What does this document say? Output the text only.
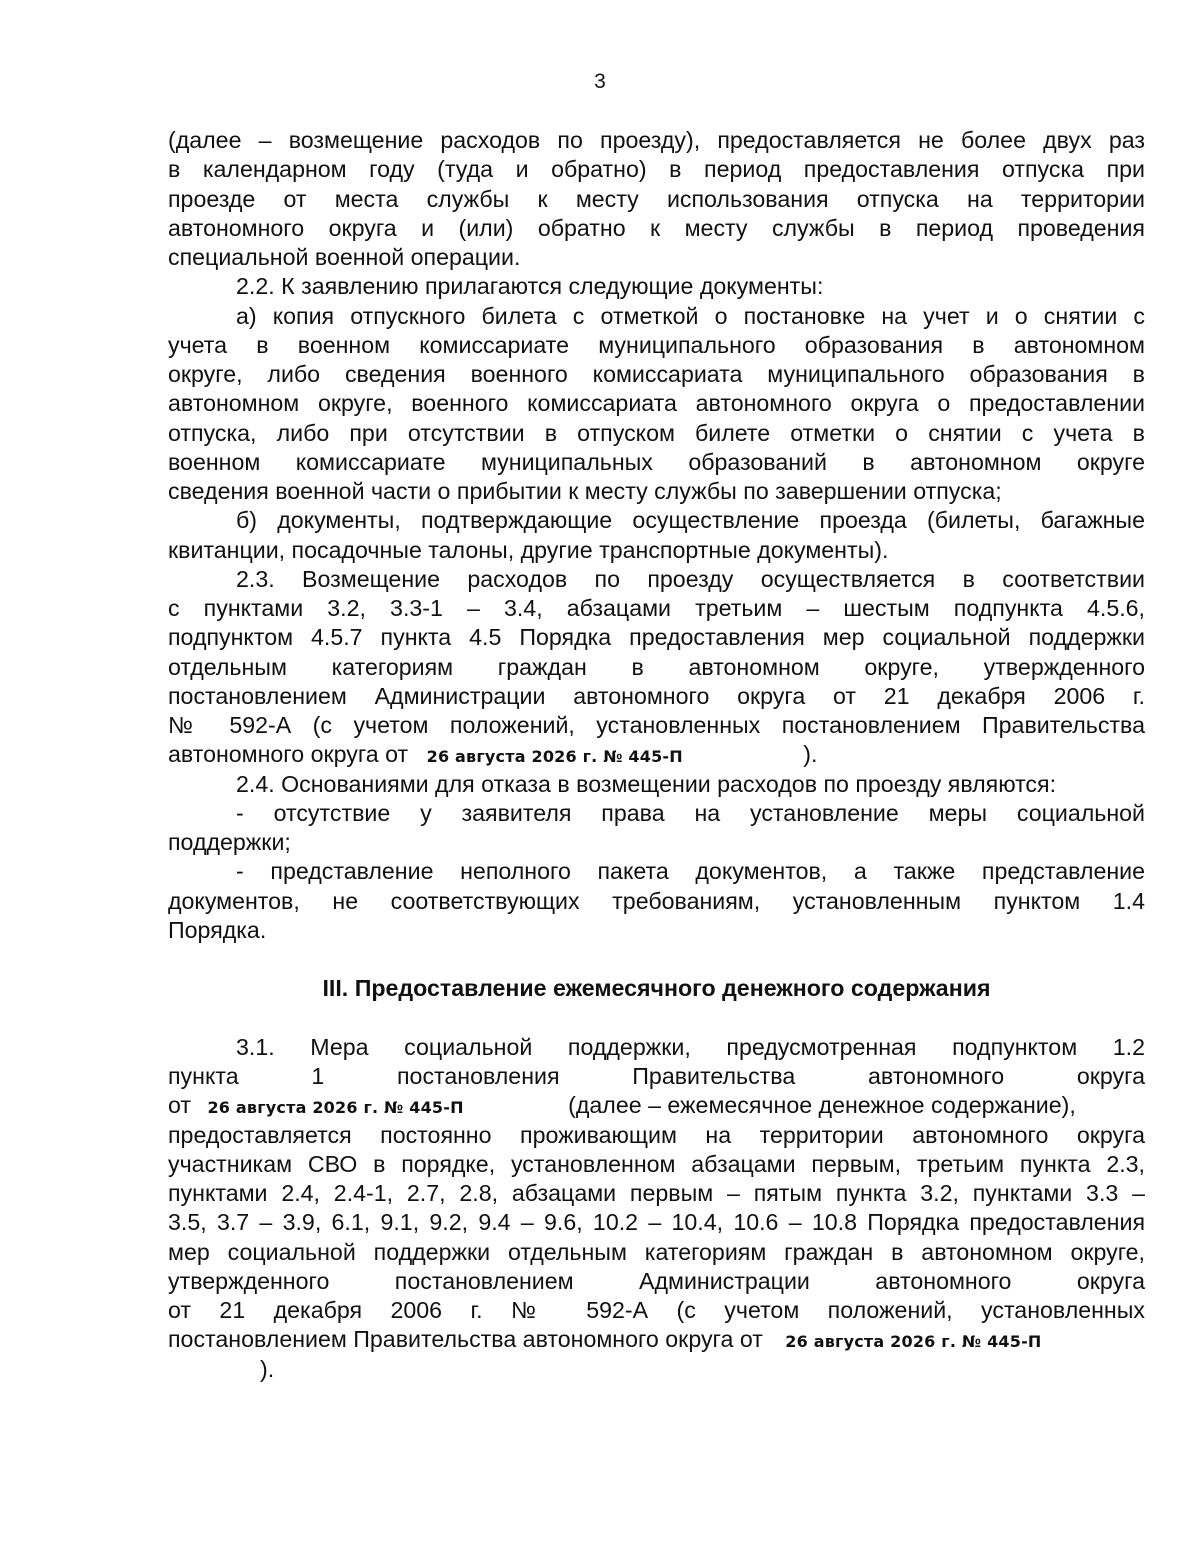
3
(далее – возмещение расходов по проезду), предоставляется не более двух раз
в календарном году (туда и обратно) в период предоставления отпуска при
проезде от места службы к месту использования отпуска на территории
автономного округа и (или) обратно к месту службы в период проведения
специальной военной операции.
2.2. К заявлению прилагаются следующие документы:
а) копия отпускного билета с отметкой о постановке на учет и о снятии с
учета в военном комиссариате муниципального образования в автономном
округе, либо сведения военного комиссариата муниципального образования в
автономном округе, военного комиссариата автономного округа о предоставлении
отпуска, либо при отсутствии в отпуском билете отметки о снятии с учета в
военном комиссариате муниципальных образований в автономном округе
сведения военной части о прибытии к месту службы по завершении отпуска;
б) документы, подтверждающие осуществление проезда (билеты, багажные
квитанции, посадочные талоны, другие транспортные документы).
2.3. Возмещение расходов по проезду осуществляется в соответствии
с пунктами 3.2, 3.3-1 – 3.4, абзацами третьим – шестым подпункта 4.5.6,
подпунктом 4.5.7 пункта 4.5 Порядка предоставления мер социальной поддержки
отдельным категориям граждан в автономном округе, утвержденного
постановлением Администрации автономного округа от 21 декабря 2006 г.
№ 592-А (с учетом положений, установленных постановлением Правительства
автономного округа от 26 августа 2026 г. № 445-П	).
2.4. Основаниями для отказа в возмещении расходов по проезду являются:
- отсутствие у заявителя права на установление меры социальной
поддержки;
- представление неполного пакета документов, а также представление
документов, не соответствующих требованиям, установленным пунктом 1.4
Порядка.
III. Предоставление ежемесячного денежного содержания
3.1. Мера социальной поддержки, предусмотренная подпунктом 1.2
пункта 1 постановления Правительства автономного округа
от 26 августа 2026 г. № 445-П	(далее – ежемесячное денежное содержание),
предоставляется постоянно проживающим на территории автономного округа
участникам СВО в порядке, установленном абзацами первым, третьим пункта 2.3,
пунктами 2.4, 2.4-1, 2.7, 2.8, абзацами первым – пятым пункта 3.2, пунктами 3.3 –
3.5, 3.7 – 3.9, 6.1, 9.1, 9.2, 9.4 – 9.6, 10.2 – 10.4, 10.6 – 10.8 Порядка предоставления
мер социальной поддержки отдельным категориям граждан в автономном округе,
утвержденного постановлением Администрации автономного округа
от 21 декабря 2006 г. № 592-А (с учетом положений, установленных
постановлением Правительства автономного округа от 26 августа 2026 г. № 445-П
).
